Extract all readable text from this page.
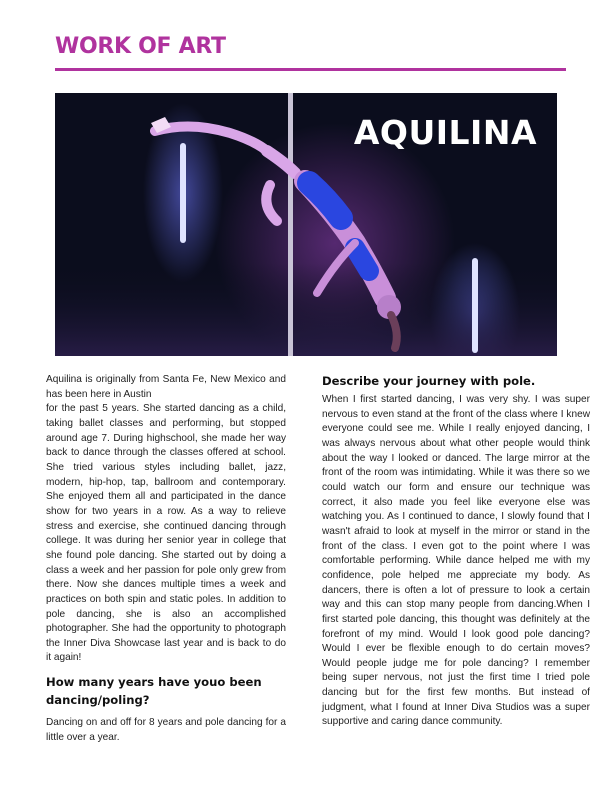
WORK OF ART
AQUILINA

Aquilina is originally from Santa Fe, New Mexico and has been here in Austin

for the past 5 years. She started dancing as a child, taking ballet classes and performing, but stopped around age 7. During highschool, she made her way back to dance through the classes offered at school. She tried various styles including ballet, jazz, modern, hip-hop, tap, ballroom and contemporary. She enjoyed them all and participated in the dance show for two years in a row. As a way to relieve stress and exercise, she continued dancing through college. It was during her senior year in college that she found pole dancing. She started out by doing a class a week and her passion for pole only grew from there. Now she dances multiple times a week and practices on both spin and static poles. In addition to pole dancing, she is also an accomplished photographer. She had the opportunity to photograph the Inner Diva Showcase last year and is back to do it again!

How many years have youo been dancing/poling?

Dancing on and off for 8 years and pole dancing for a little over a year.

Describe your journey with pole.

When I first started dancing, I was very shy. I was super nervous to even stand at the front of the class where I knew everyone could see me. While I really enjoyed dancing, I was always nervous about what other people would think about the way I looked or danced. The large mirror at the front of the room was intimidating. While it was there so we could watch our form and ensure our technique was correct, it also made you feel like everyone else was watching you. As I continued to dance, I slowly found that I wasn't afraid to look at myself in the mirror or stand in the front of the class. I even got to the point where I was comfortable performing. While dance helped me with my confidence, pole helped me appreciate my body. As dancers, there is often a lot of pressure to look a certain way and this can stop many people from dancing.When I first started pole dancing, this thought was definitely at the forefront of my mind. Would I look good pole dancing? Would I ever be flexible enough to do certain moves? Would people judge me for pole dancing? I remember being super nervous, not just the first time I tried pole dancing but for the first few months. But instead of judgment, what I found at Inner Diva Studios was a super supportive and caring dance community.
